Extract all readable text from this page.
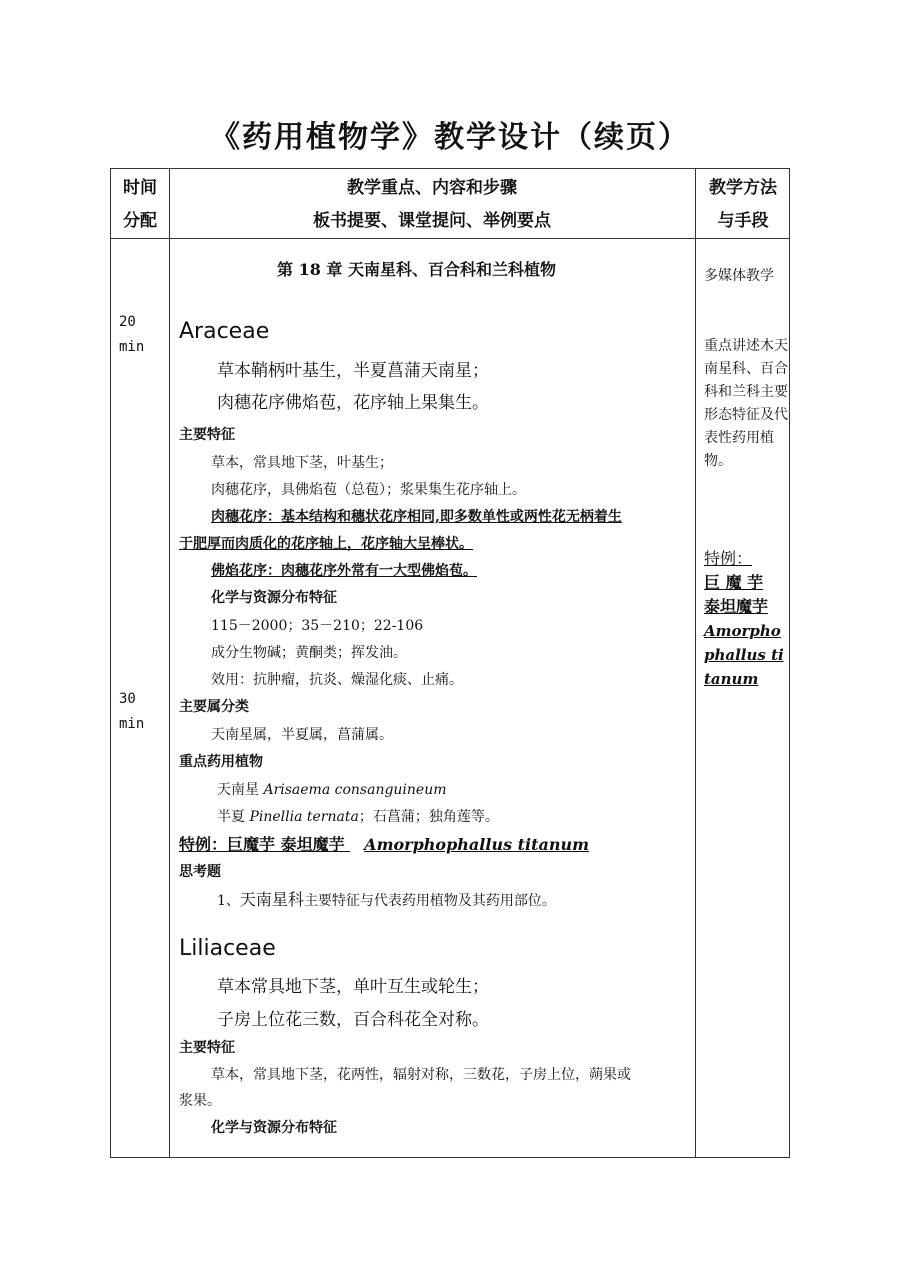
《药用植物学》教学设计（续页）
时间
分配
教学重点、内容和步骤
板书提要、课堂提问、举例要点
教学方法
与手段
20
min
30
min
第 18 章 天南星科、百合科和兰科植物
Araceae
草本鞘柄叶基生，半夏菖蒲天南星；
肉穗花序佛焰苞，花序轴上果集生。
主要特征
草本，常具地下茎，叶基生；
肉穗花序，具佛焰苞（总苞）；浆果集生花序轴上。
肉穗花序：基本结构和穗状花序相同,即多数单性或两性花无柄着生
于肥厚而肉质化的花序轴上，花序轴大呈棒状。
佛焰花序：肉穗花序外常有一大型佛焰苞。
化学与资源分布特征
115－2000；35－210；22-106
成分生物碱；黄酮类；挥发油。
效用：抗肿瘤，抗炎、燥湿化痰、止痛。
主要属分类
天南星属，半夏属，菖蒲属。
重点药用植物
天南星 Arisaema consanguineum
半夏 Pinellia ternata；石菖蒲；独角莲等。
特例：巨魔芋 泰坦魔芋 Amorphophallus titanum
思考题
1、天南星科主要特征与代表药用植物及其药用部位。
Liliaceae
草本常具地下茎，单叶互生或轮生；
子房上位花三数，百合科花全对称。
主要特征
草本，常具地下茎，花两性，辐射对称，三数花，子房上位，蒴果或
浆果。
化学与资源分布特征
多媒体教学
重点讲述木天南星科、百合科和兰科主要形态特征及代表性药用植物。
特例：
巨 魔 芋
泰坦魔芋
Amorphophallus titanum
